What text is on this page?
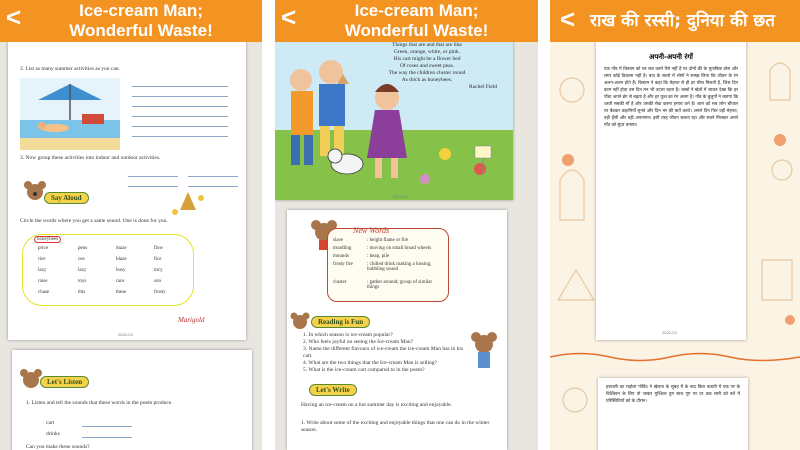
2. List as many summer activities as you can.
3. Now group these activities into indoor and outdoor activities.
Say Aloud
Circle the words where you get a same sound. One is done for you.
honeybees
price	pens	maze	flow
rice	cee	blaze	fice
lazy	lazy	busy	mcy
raise	toys	race	son
chase	this	these	frosty
Marigold
2022-23
Let's Listen
1. Listen and tell the sounds that these words in the poem produce.
cart
drinks
Can you make these sounds?
<	Ice-cream Man;
Wonderful Waste!
Things that are and that are like
Green, orange, white, or pink.
His cart might be a flower bed
Of roses and sweet peas.
The way the children cluster round
As thick as honeybees.
Rachel Field
2022-23
New Words
slave	: height flame or fire
trundling	: moving on small broad wheels
mounds	: heap, pile
frosty fire	: chilled drink making a hissing, bubbling sound
cluster	: gather around; group of similar things
Reading is Fun
1. In which season is ice-cream popular?
2. Who feels joyful on seeing the Ice-cream Man?
3. Name the different flavours of ice-cream the ice-cream Man has in his cart.
4. What are the two things that the Ice-cream Man is selling?
5. What is the ice-cream cart compared to in the poem?
Let's Write
Having an ice-cream on a hot summer day is exciting and enjoyable.
1. Write about some of the exciting and enjoyable things that one can do in the winter season.
<	Ice-cream Man;
Wonderful Waste!
अपनी-अपनी रंगों
एक गाँव में किसान को घर जब करने पैसे नहीं है पर दोनों की के मुताबिक ठोस और लगर कोई ठिकाना नहीं है। बाद के सालों में लोगों ने समझ लिया कि जीवन के रंग अलग-अलग होते हैं। किसान ने कहा कि मेहनत से ही हर चीज मिलती है, जिस दिन काम नहीं होता उस दिन मन भी उदास रहता है। बच्चों ने खेतों में जाकर देखा कि हर पौधा अपने ढंग से बढ़ता है और हर फूल का रंग अलग है। गाँव के बुजुर्गों ने बताया कि धरती सबकी माँ है और उसकी सेवा करना हमारा धर्म है। शाम को सब लोग चौपाल पर बैठकर कहानियाँ सुनते और दिन भर की बातें करते। अगले दिन फिर वही मेहनत, वही हँसी और वही अपनापन। इसी तरह जीवन चलता रहा और सबने मिलकर अपने गाँव को सुंदर बनाया।
2022-23
हरवाली का राहोला गोविंद ने खेलता के सुबह में के बाद किरा बताती में एक पर के विश्विवन के लिए तो जाकर मुश्किल तुम साथ गूग पर दर ठक सारी को बतें में परिस्थितियों को के दौरान।
< राख की रस्सी; दुनिया की छत
